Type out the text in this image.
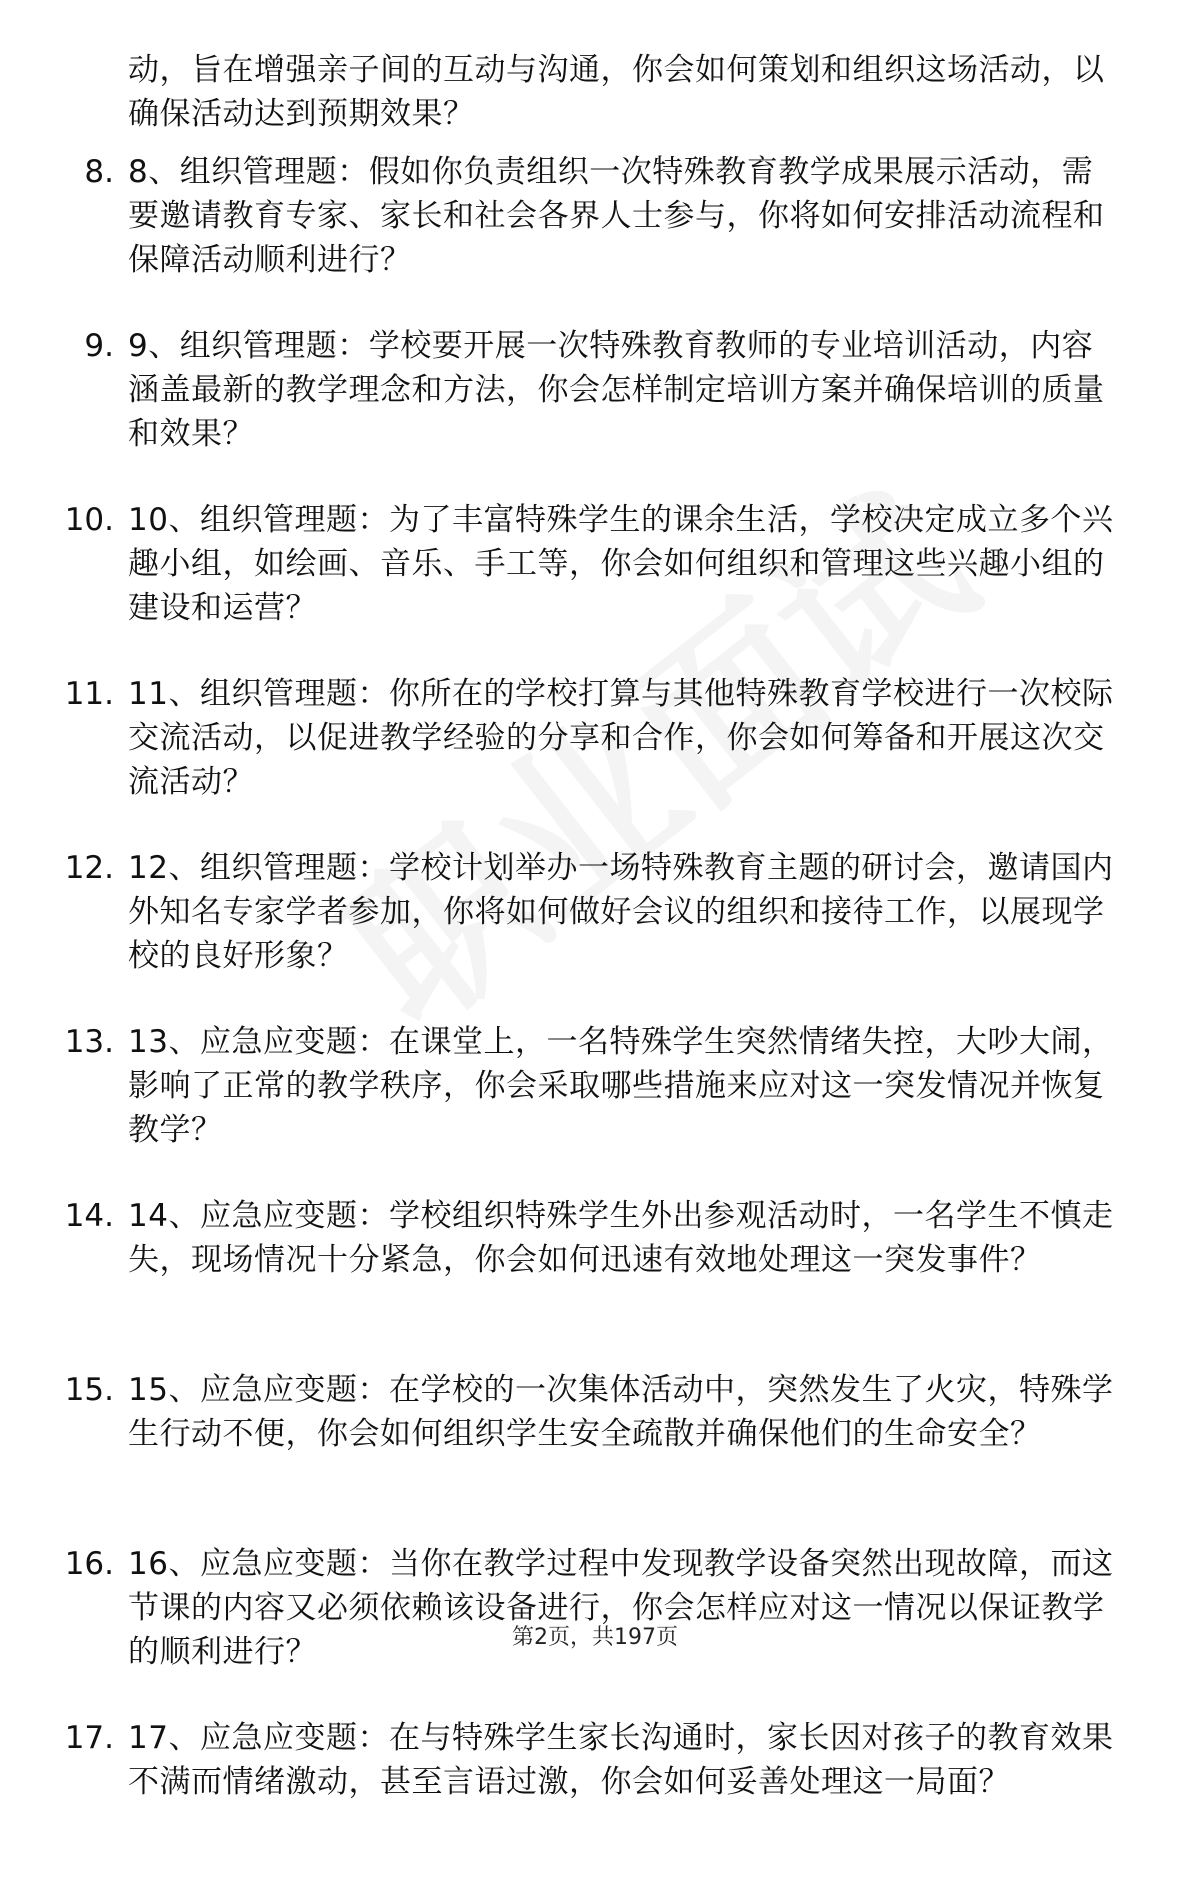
动，旨在增强亲子间的互动与沟通，你会如何策划和组织这场活动，以确保活动达到预期效果？
8. 8、组织管理题：假如你负责组织一次特殊教育教学成果展示活动，需要邀请教育专家、家长和社会各界人士参与，你将如何安排活动流程和保障活动顺利进行？
9. 9、组织管理题：学校要开展一次特殊教育教师的专业培训活动，内容涵盖最新的教学理念和方法，你会怎样制定培训方案并确保培训的质量和效果？
10. 10、组织管理题：为了丰富特殊学生的课余生活，学校决定成立多个兴趣小组，如绘画、音乐、手工等，你会如何组织和管理这些兴趣小组的建设和运营？
11. 11、组织管理题：你所在的学校打算与其他特殊教育学校进行一次校际交流活动，以促进教学经验的分享和合作，你会如何筹备和开展这次交流活动？
12. 12、组织管理题：学校计划举办一场特殊教育主题的研讨会，邀请国内外知名专家学者参加，你将如何做好会议的组织和接待工作，以展现学校的良好形象？
13. 13、应急应变题：在课堂上，一名特殊学生突然情绪失控，大吵大闹，影响了正常的教学秩序，你会采取哪些措施来应对这一突发情况并恢复教学？
14. 14、应急应变题：学校组织特殊学生外出参观活动时，一名学生不慎走失，现场情况十分紧急，你会如何迅速有效地处理这一突发事件？
15. 15、应急应变题：在学校的一次集体活动中，突然发生了火灾，特殊学生行动不便，你会如何组织学生安全疏散并确保他们的生命安全？
16. 16、应急应变题：当你在教学过程中发现教学设备突然出现故障，而这节课的内容又必须依赖该设备进行，你会怎样应对这一情况以保证教学的顺利进行？
17. 17、应急应变题：在与特殊学生家长沟通时，家长因对孩子的教育效果不满而情绪激动，甚至言语过激，你会如何妥善处理这一局面？
第2页，共197页
